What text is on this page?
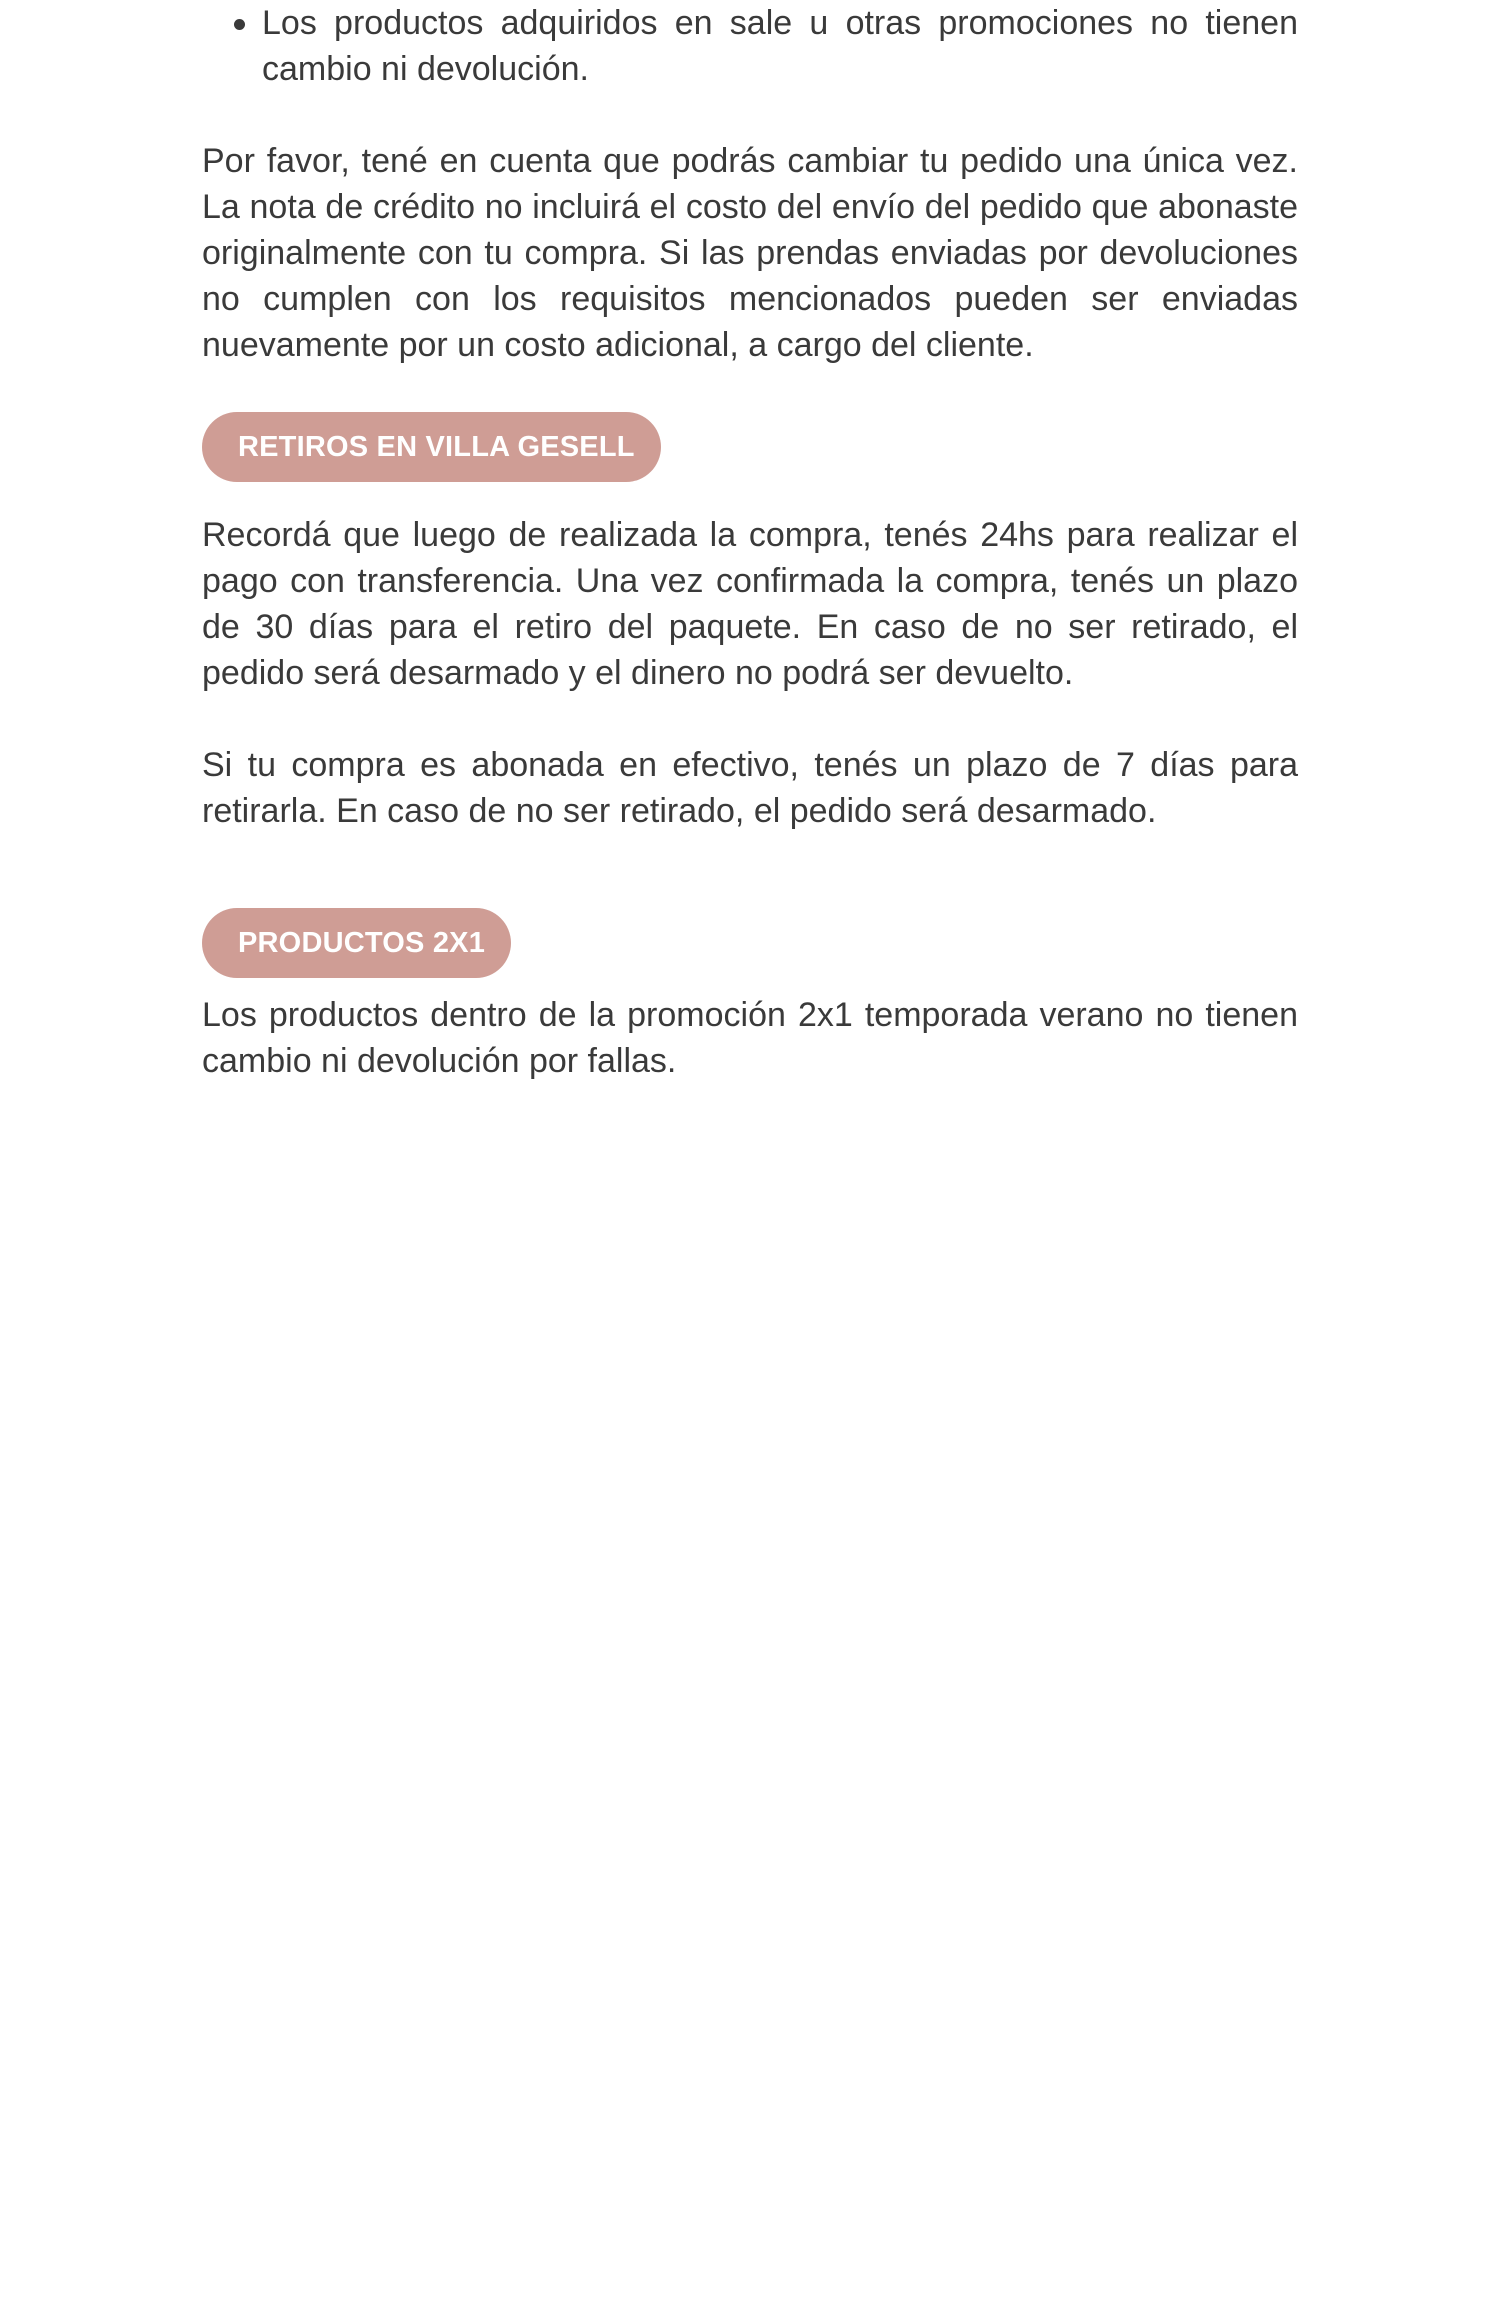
Los productos adquiridos en sale u otras promociones no tienen cambio ni devolución.

Por favor, tené en cuenta que podrás cambiar tu pedido una única vez. La nota de crédito no incluirá el costo del envío del pedido que abonaste originalmente con tu compra. Si las prendas enviadas por devoluciones no cumplen con los requisitos mencionados pueden ser enviadas nuevamente por un costo adicional, a cargo del cliente.

RETIROS EN VILLA GESELL

Recordá que luego de realizada la compra, tenés 24hs para realizar el pago con transferencia. Una vez confirmada la compra, tenés un plazo de 30 días para el retiro del paquete. En caso de no ser retirado, el pedido será desarmado y el dinero no podrá ser devuelto.

Si tu compra es abonada en efectivo, tenés un plazo de 7 días para retirarla. En caso de no ser retirado, el pedido será desarmado.

PRODUCTOS 2X1

Los productos dentro de la promoción 2x1 temporada verano no tienen cambio ni devolución por fallas.
